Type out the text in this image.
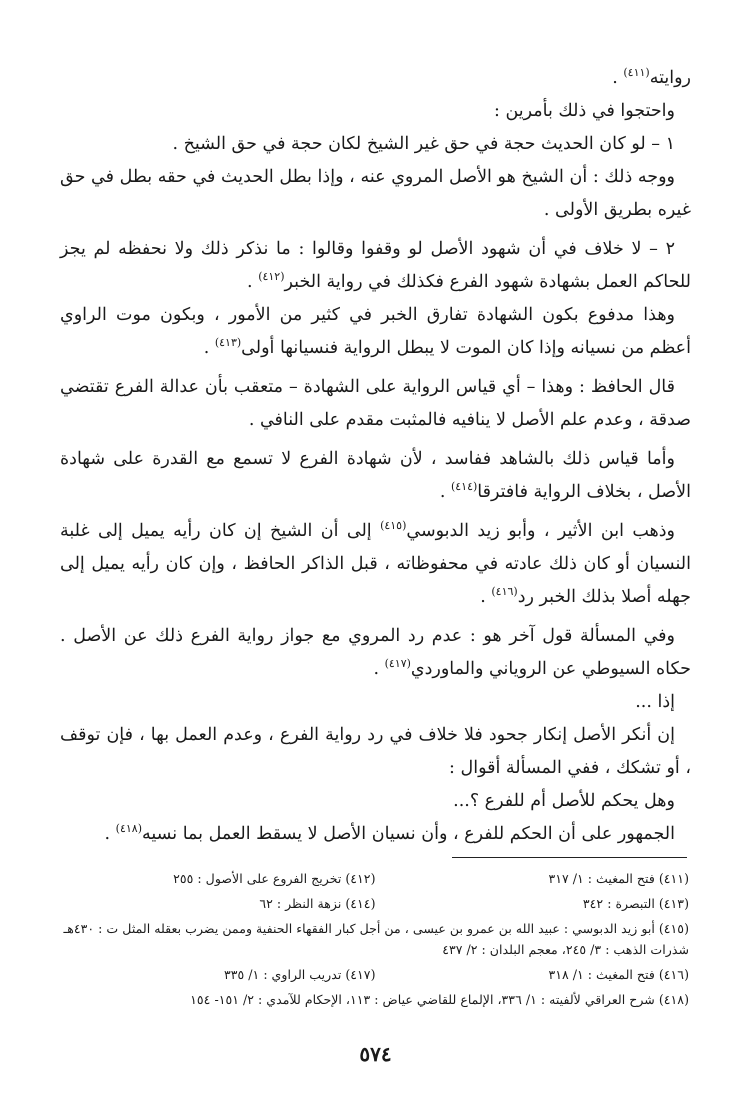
روايته$^{(٤١١)}$ .

واحتجوا في ذلك بأمرين :

١ – لو كان الحديث حجة في حق غير الشيخ لكان حجة في حق الشيخ .

ووجه ذلك : أن الشيخ هو الأصل المروي عنه ، وإذا بطل الحديث في حقه بطل في حق غيره بطريق الأولى .

٢ – لا خلاف في أن شهود الأصل لو وقفوا وقالوا : ما نذكر ذلك ولا نحفظه لم يجز للحاكم العمل بشهادة شهود الفرع فكذلك في رواية الخبر$^{(٤١٢)}$ .

وهذا مدفوع بكون الشهادة تفارق الخبر في كثير من الأمور ، وبكون موت الراوي أعظم من نسيانه وإذا كان الموت لا يبطل الرواية فنسيانها أولى$^{(٤١٣)}$ .

قال الحافظ : وهذا – أي قياس الرواية على الشهادة – متعقب بأن عدالة الفرع تقتضي صدقة ، وعدم علم الأصل لا ينافيه فالمثبت مقدم على النافي .

وأما قياس ذلك بالشاهد ففاسد ، لأن شهادة الفرع لا تسمع مع القدرة على شهادة الأصل ، بخلاف الرواية فافترقا$^{(٤١٤)}$ .

وذهب ابن الأثير ، وأبو زيد الدبوسي$^{(٤١٥)}$ إلى أن الشيخ إن كان رأيه يميل إلى غلبة النسيان أو كان ذلك عادته في محفوظاته ، قبل الذاكر الحافظ ، وإن كان رأيه يميل إلى جهله أصلا بذلك الخبر رد$^{(٤١٦)}$ .

وفي المسألة قول آخر هو : عدم رد المروي مع جواز رواية الفرع ذلك عن الأصل . حكاه السيوطي عن الروياني والماوردي$^{(٤١٧)}$ .

إذا ...

إن أنكر الأصل إنكار جحود فلا خلاف في رد رواية الفرع ، وعدم العمل بها ، فإن توقف ، أو تشكك ، ففي المسألة أقوال :

وهل يحكم للأصل أم للفرع ؟...

الجمهور على أن الحكم للفرع ، وأن نسيان الأصل لا يسقط العمل بما نسيه$^{(٤١٨)}$ .

(٤١١) فتح المغيث : ١/ ٣١٧
(٤١٢) تخريج الفروع على الأصول : ٢٥٥
(٤١٣) التبصرة : ٣٤٢
(٤١٤) نزهة النظر : ٦٢
(٤١٥) أبو زيد الدبوسي : عبيد الله بن عمرو بن عيسى ، من أجل كبار الفقهاء الحنفية وممن يضرب بعقله المثل ت : ٤٣٠هـ شذرات الذهب : ٣/ ٢٤٥، معجم البلدان : ٢/ ٤٣٧
(٤١٦) فتح المغيث : ١/ ٣١٨
(٤١٧) تدريب الراوي : ١/ ٣٣٥
(٤١٨) شرح العراقي لألفيته : ١/ ٣٣٦، الإلماع للقاضي عياض : ١١٣، الإحكام للآمدي : ٢/ ١٥١- ١٥٤
٥٧٤
